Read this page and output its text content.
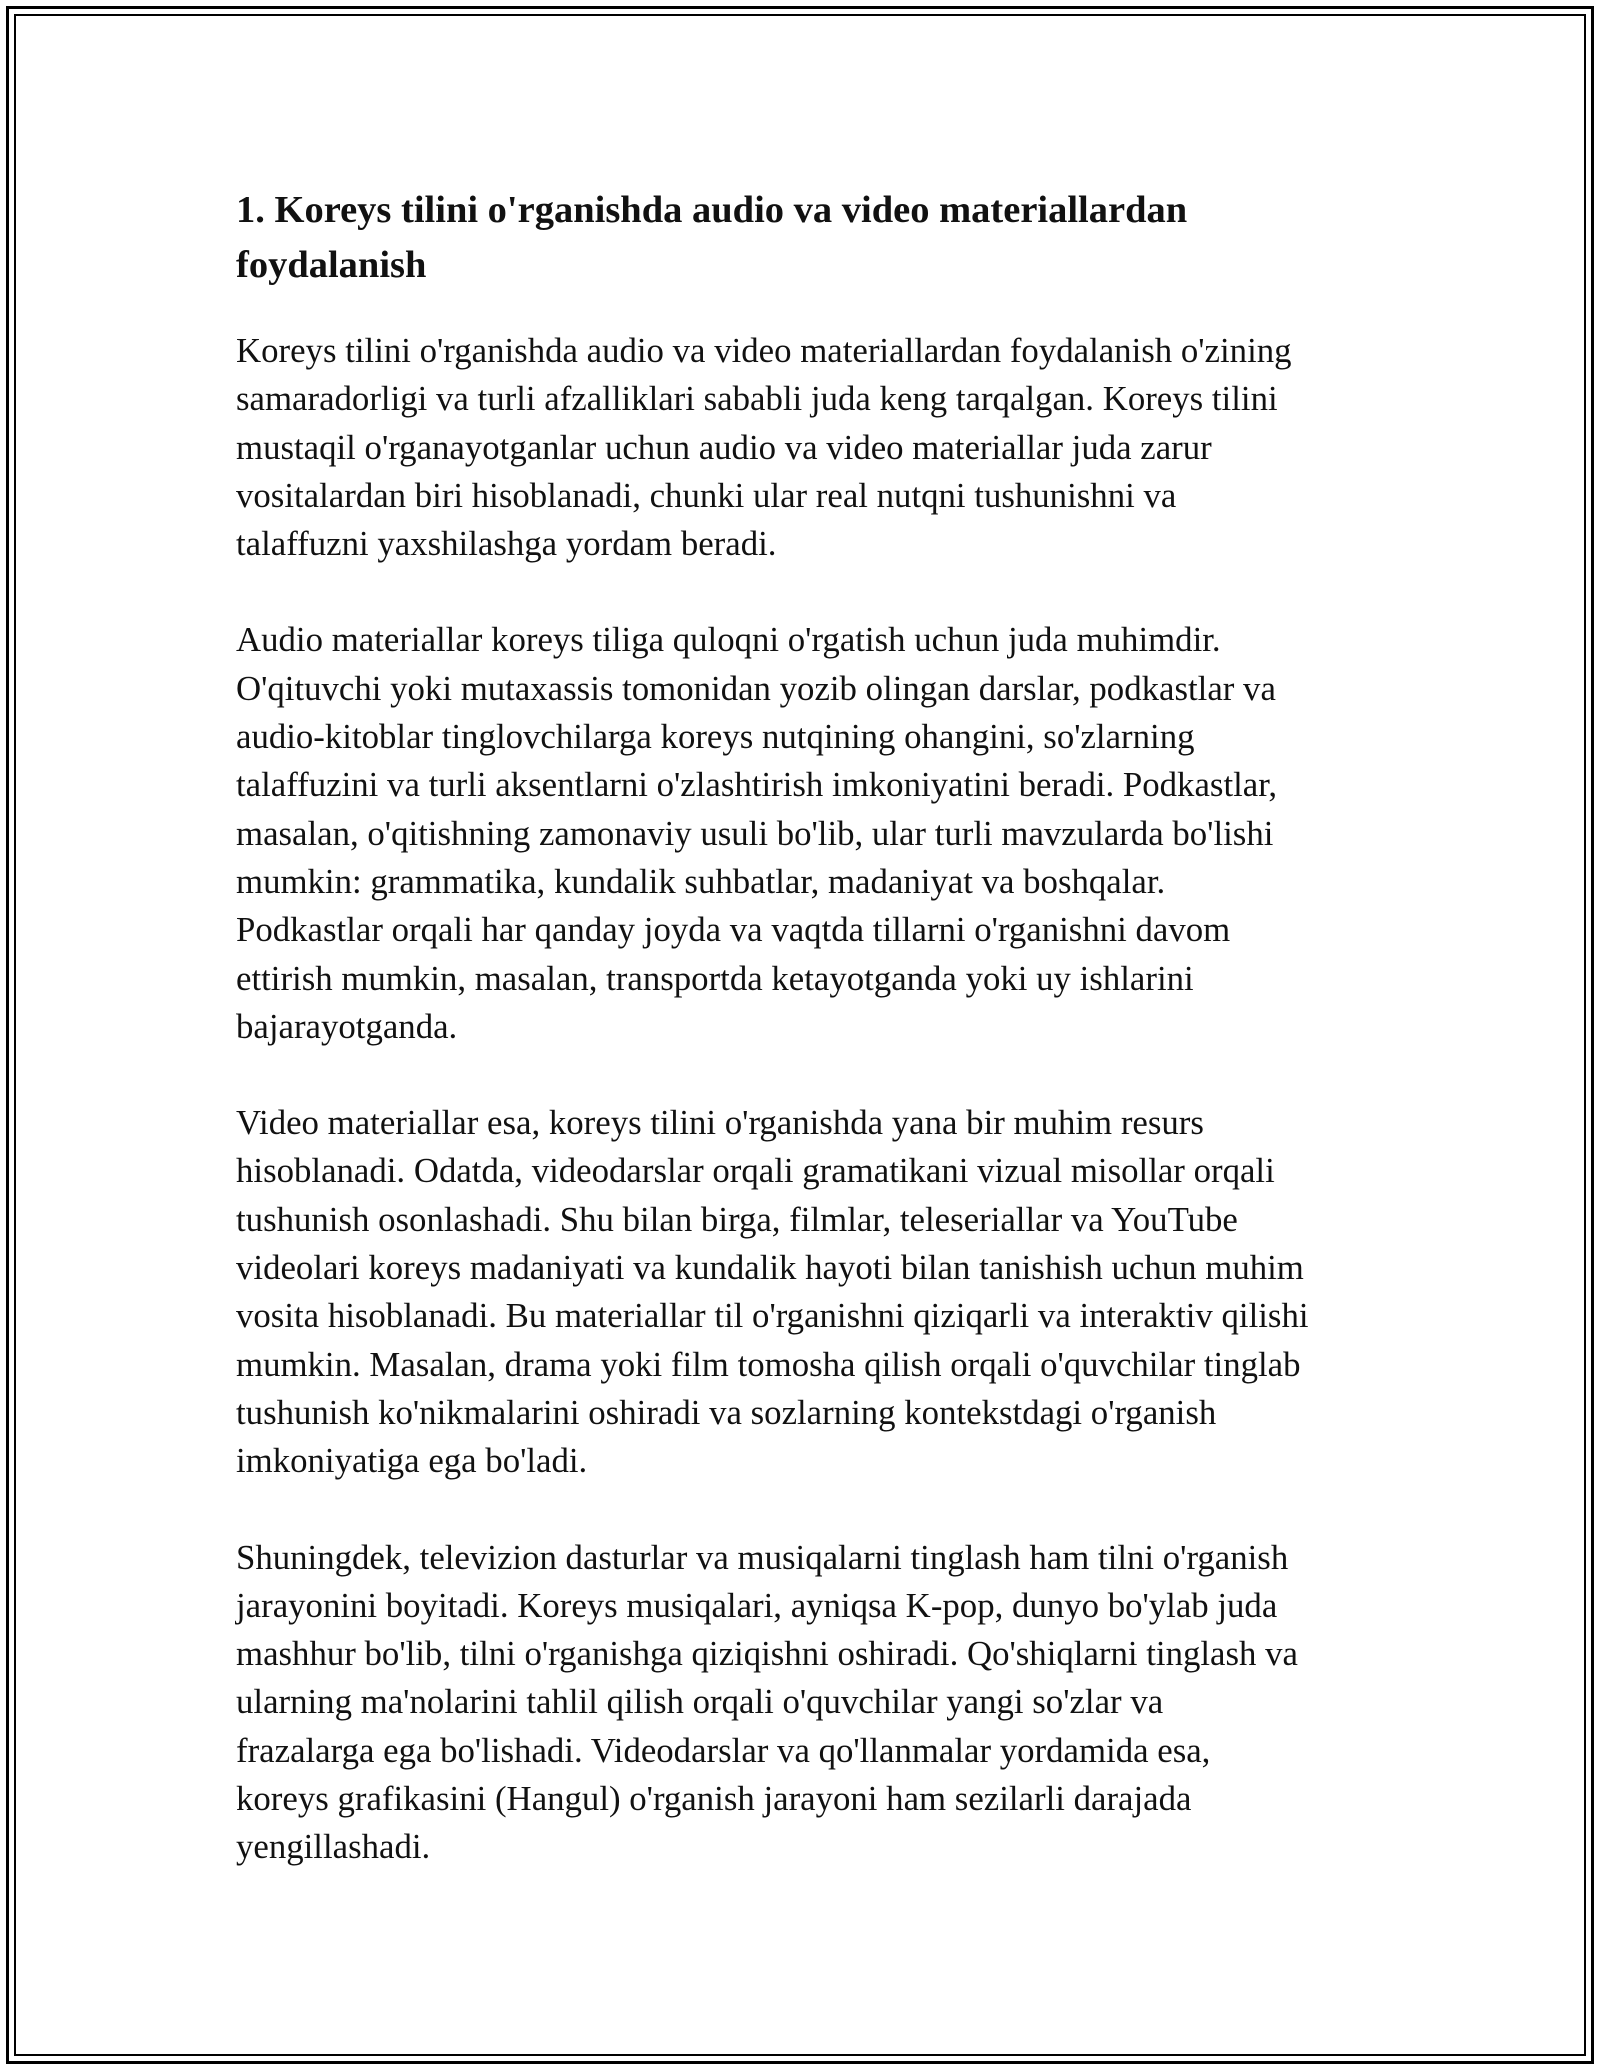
1. Koreys tilini o'rganishda audio va video materiallardan
foydalanish

Koreys tilini o'rganishda audio va video materiallardan foydalanish o'zining
samaradorligi va turli afzalliklari sababli juda keng tarqalgan. Koreys tilini
mustaqil o'rganayotganlar uchun audio va video materiallar juda zarur
vositalardan biri hisoblanadi, chunki ular real nutqni tushunishni va
talaffuzni yaxshilashga yordam beradi.

Audio materiallar koreys tiliga quloqni o'rgatish uchun juda muhimdir.
O'qituvchi yoki mutaxassis tomonidan yozib olingan darslar, podkastlar va
audio-kitoblar tinglovchilarga koreys nutqining ohangini, so'zlarning
talaffuzini va turli aksentlarni o'zlashtirish imkoniyatini beradi. Podkastlar,
masalan, o'qitishning zamonaviy usuli bo'lib, ular turli mavzularda bo'lishi
mumkin: grammatika, kundalik suhbatlar, madaniyat va boshqalar.
Podkastlar orqali har qanday joyda va vaqtda tillarni o'rganishni davom
ettirish mumkin, masalan, transportda ketayotganda yoki uy ishlarini
bajarayotganda.

Video materiallar esa, koreys tilini o'rganishda yana bir muhim resurs
hisoblanadi. Odatda, videodarslar orqali gramatikani vizual misollar orqali
tushunish osonlashadi. Shu bilan birga, filmlar, teleseriallar va YouTube
videolari koreys madaniyati va kundalik hayoti bilan tanishish uchun muhim
vosita hisoblanadi. Bu materiallar til o'rganishni qiziqarli va interaktiv qilishi
mumkin. Masalan, drama yoki film tomosha qilish orqali o'quvchilar tinglab
tushunish ko'nikmalarini oshiradi va sozlarning kontekstdagi o'rganish
imkoniyatiga ega bo'ladi.

Shuningdek, televizion dasturlar va musiqalarni tinglash ham tilni o'rganish
jarayonini boyitadi. Koreys musiqalari, ayniqsa K-pop, dunyo bo'ylab juda
mashhur bo'lib, tilni o'rganishga qiziqishni oshiradi. Qo'shiqlarni tinglash va
ularning ma'nolarini tahlil qilish orqali o'quvchilar yangi so'zlar va
frazalarga ega bo'lishadi. Videodarslar va qo'llanmalar yordamida esa,
koreys grafikasini (Hangul) o'rganish jarayoni ham sezilarli darajada
yengillashadi.
